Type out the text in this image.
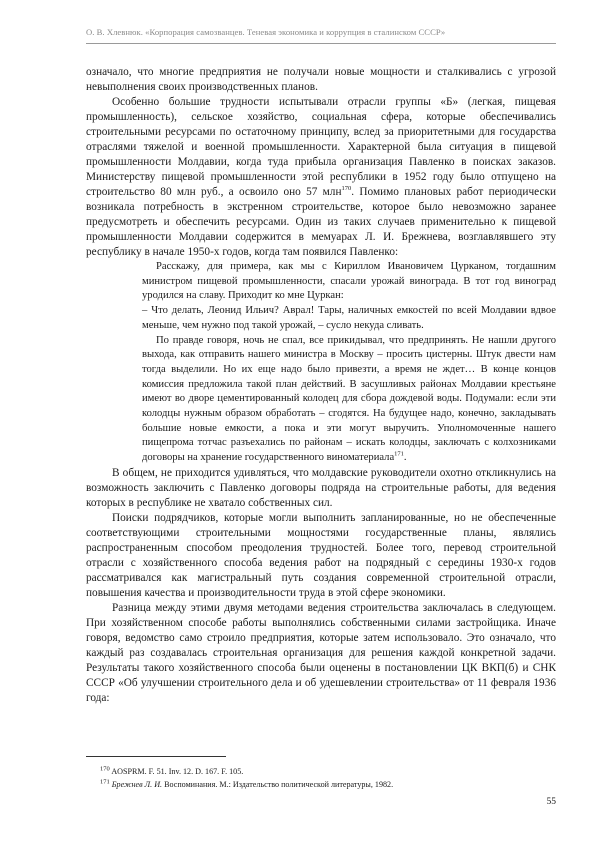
О. В. Хлевнюк. «Корпорация самозванцев. Теневая экономика и коррупция в сталинском СССР»

означало, что многие предприятия не получали новые мощности и сталкивались с угрозой невыполнения своих производственных планов.

Особенно большие трудности испытывали отрасли группы «Б» (легкая, пищевая промышленность), сельское хозяйство, социальная сфера, которые обеспечивались строительными ресурсами по остаточному принципу, вслед за приоритетными для государства отраслями тяжелой и военной промышленности. Характерной была ситуация в пищевой промышленности Молдавии, когда туда прибыла организация Павленко в поисках заказов. Министерству пищевой промышленности этой республики в 1952 году было отпущено на строительство 80 млн руб., а освоило оно 57 млн$^{170}$. Помимо плановых работ периодически возникала потребность в экстренном строительстве, которое было невозможно заранее предусмотреть и обеспечить ресурсами. Один из таких случаев применительно к пищевой промышленности Молдавии содержится в мемуарах Л. И. Брежнева, возглавлявшего эту республику в начале 1950-х годов, когда там появился Павленко:

Расскажу, для примера, как мы с Кириллом Ивановичем Цурканом, тогдашним министром пищевой промышленности, спасали урожай винограда. В тот год виноград уродился на славу. Приходит ко мне Цуркан:

– Что делать, Леонид Ильич? Аврал! Тары, наличных емкостей по всей Молдавии вдвое меньше, чем нужно под такой урожай, – сусло некуда сливать.

По правде говоря, ночь не спал, все прикидывал, что предпринять. Не нашли другого выхода, как отправить нашего министра в Москву – просить цистерны. Штук двести нам тогда выделили. Но их еще надо было привезти, а время не ждет… В конце концов комиссия предложила такой план действий. В засушливых районах Молдавии крестьяне имеют во дворе цементированный колодец для сбора дождевой воды. Подумали: если эти колодцы нужным образом обработать – сгодятся. На будущее надо, конечно, закладывать большие новые емкости, а пока и эти могут выручить. Уполномоченные нашего пищепрома тотчас разъехались по районам – искать колодцы, заключать с колхозниками договоры на хранение государственного виноматериала$^{171}$.

В общем, не приходится удивляться, что молдавские руководители охотно откликнулись на возможность заключить с Павленко договоры подряда на строительные работы, для ведения которых в республике не хватало собственных сил.

Поиски подрядчиков, которые могли выполнить запланированные, но не обеспеченные соответствующими строительными мощностями государственные планы, являлись распространенным способом преодоления трудностей. Более того, перевод строительной отрасли с хозяйственного способа ведения работ на подрядный с середины 1930-х годов рассматривался как магистральный путь создания современной строительной отрасли, повышения качества и производительности труда в этой сфере экономики.

Разница между этими двумя методами ведения строительства заключалась в следующем. При хозяйственном способе работы выполнялись собственными силами застройщика. Иначе говоря, ведомство само строило предприятия, которые затем использовало. Это означало, что каждый раз создавалась строительная организация для решения каждой конкретной задачи. Результаты такого хозяйственного способа были оценены в постановлении ЦК ВКП(б) и СНК СССР «Об улучшении строительного дела и об удешевлении строительства» от 11 февраля 1936 года:

$^{170}$ AOSPRM. F. 51. Inv. 12. D. 167. F. 105.

$^{171}$ Брежнев Л. И. Воспоминания. М.: Издательство политической литературы, 1982.

55
